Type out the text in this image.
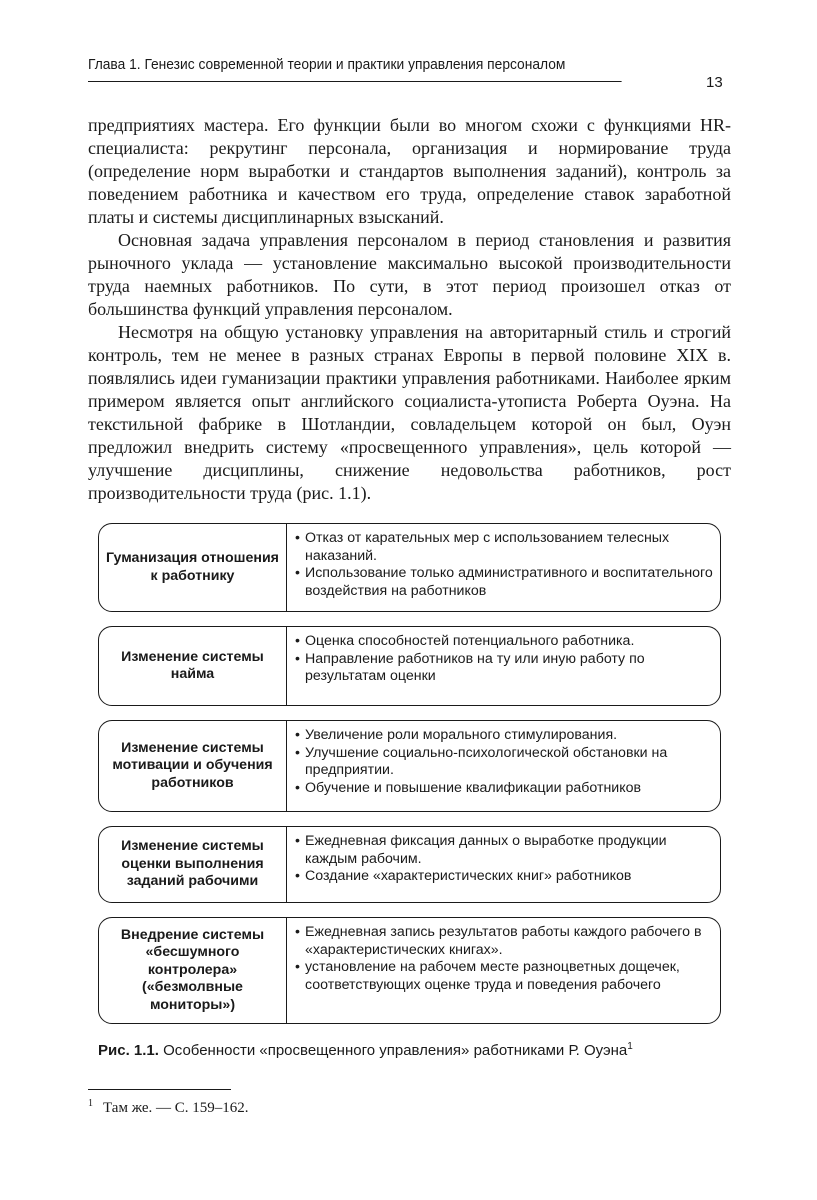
Глава 1. Генезис современной теории и практики управления персоналом
13

предприятиях мастера. Его функции были во многом схожи с функциями HR-специалиста: рекрутинг персонала, организация и нормирование труда (определение норм выработки и стандартов выполнения заданий), контроль за поведением работника и качеством его труда, определение ставок заработной платы и системы дисциплинарных взысканий.

Основная задача управления персоналом в период становления и развития рыночного уклада — установление максимально высокой производительности труда наемных работников. По сути, в этот период произошел отказ от большинства функций управления персоналом.

Несмотря на общую установку управления на авторитарный стиль и строгий контроль, тем не менее в разных странах Европы в первой половине XIX в. появлялись идеи гуманизации практики управления работниками. Наиболее ярким примером является опыт английского социалиста-утописта Роберта Оуэна. На текстильной фабрике в Шотландии, совладельцем которой он был, Оуэн предложил внедрить систему «просвещенного управления», цель которой — улучшение дисциплины, снижение недовольства работников, рост производительности труда (рис. 1.1).

Гуманизация отношения к работнику
• Отказ от карательных мер с использованием телесных наказаний.
• Использование только административного и воспитательного воздействия на работников
Изменение системы найма
• Оценка способностей потенциального работника.
• Направление работников на ту или иную работу по результатам оценки
Изменение системы мотивации и обучения работников
• Увеличение роли морального стимулирования.
• Улучшение социально-психологической обстановки на предприятии.
• Обучение и повышение квалификации работников
Изменение системы оценки выполнения заданий рабочими
• Ежедневная фиксация данных о выработке продукции каждым рабочим.
• Создание «характеристических книг» работников
Внедрение системы «бесшумного контролера» («безмолвные мониторы»)
• Ежедневная запись результатов работы каждого рабочего в «характеристических книгах».
• установление на рабочем месте разноцветных дощечек, соответствующих оценке труда и поведения рабочего
Рис. 1.1. Особенности «просвещенного управления» работниками Р. Оуэна$^1$
$^1$ Там же. — С. 159–162.
